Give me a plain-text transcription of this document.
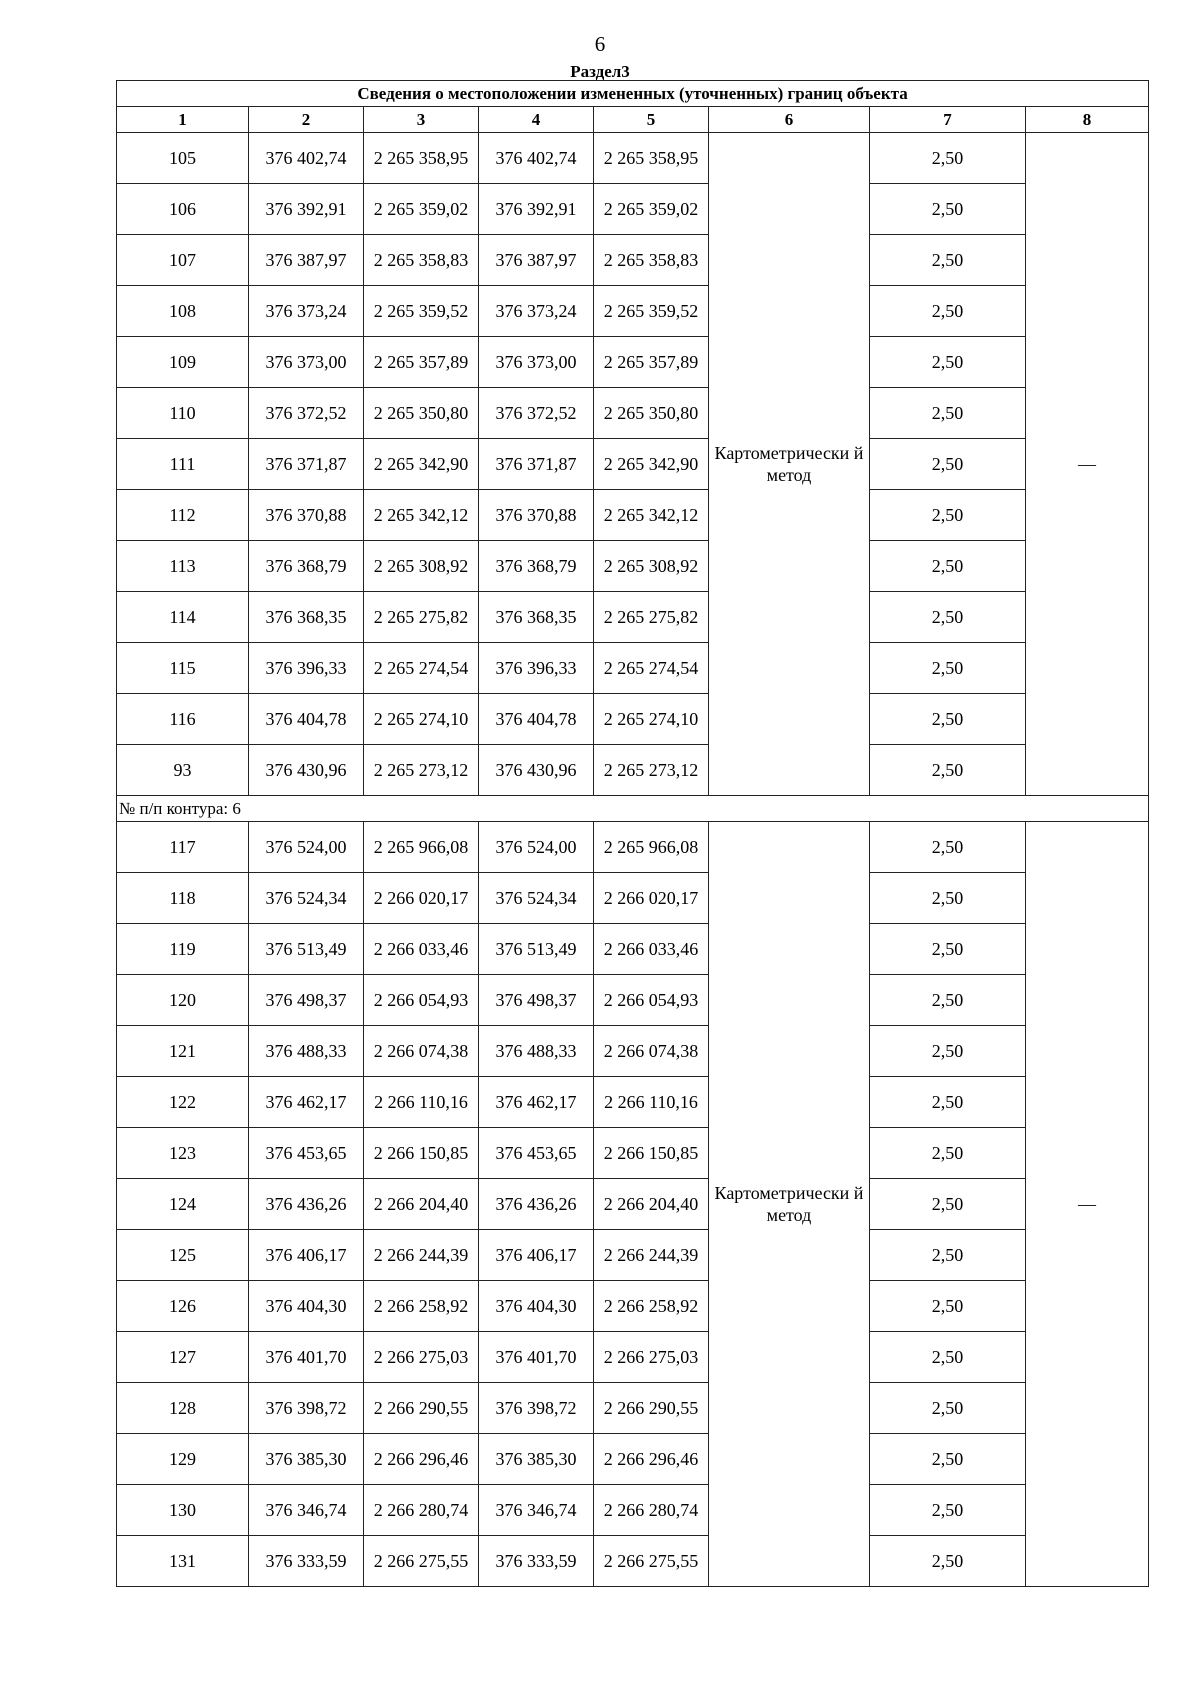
6
Раздел3
Сведения о местоположении измененных (уточненных) границ объекта							
1	2	3	4	5	6	7	8
105	376 402,74	2 265 358,95	376 402,74	2 265 358,95	Картометрически й метод	2,50	—
106	376 392,91	2 265 359,02	376 392,91	2 265 359,02		2,50	
107	376 387,97	2 265 358,83	376 387,97	2 265 358,83		2,50	
108	376 373,24	2 265 359,52	376 373,24	2 265 359,52		2,50	
109	376 373,00	2 265 357,89	376 373,00	2 265 357,89		2,50	
110	376 372,52	2 265 350,80	376 372,52	2 265 350,80		2,50	
111	376 371,87	2 265 342,90	376 371,87	2 265 342,90		2,50	
112	376 370,88	2 265 342,12	376 370,88	2 265 342,12		2,50	
113	376 368,79	2 265 308,92	376 368,79	2 265 308,92		2,50	
114	376 368,35	2 265 275,82	376 368,35	2 265 275,82		2,50	
115	376 396,33	2 265 274,54	376 396,33	2 265 274,54		2,50	
116	376 404,78	2 265 274,10	376 404,78	2 265 274,10		2,50	
93	376 430,96	2 265 273,12	376 430,96	2 265 273,12		2,50	
№ п/п контура: 6							
117	376 524,00	2 265 966,08	376 524,00	2 265 966,08	Картометрически й метод	2,50	—
118	376 524,34	2 266 020,17	376 524,34	2 266 020,17		2,50	
119	376 513,49	2 266 033,46	376 513,49	2 266 033,46		2,50	
120	376 498,37	2 266 054,93	376 498,37	2 266 054,93		2,50	
121	376 488,33	2 266 074,38	376 488,33	2 266 074,38		2,50	
122	376 462,17	2 266 110,16	376 462,17	2 266 110,16		2,50	
123	376 453,65	2 266 150,85	376 453,65	2 266 150,85		2,50	
124	376 436,26	2 266 204,40	376 436,26	2 266 204,40		2,50	
125	376 406,17	2 266 244,39	376 406,17	2 266 244,39		2,50	
126	376 404,30	2 266 258,92	376 404,30	2 266 258,92		2,50	
127	376 401,70	2 266 275,03	376 401,70	2 266 275,03		2,50	
128	376 398,72	2 266 290,55	376 398,72	2 266 290,55		2,50	
129	376 385,30	2 266 296,46	376 385,30	2 266 296,46		2,50	
130	376 346,74	2 266 280,74	376 346,74	2 266 280,74		2,50	
131	376 333,59	2 266 275,55	376 333,59	2 266 275,55		2,50	
